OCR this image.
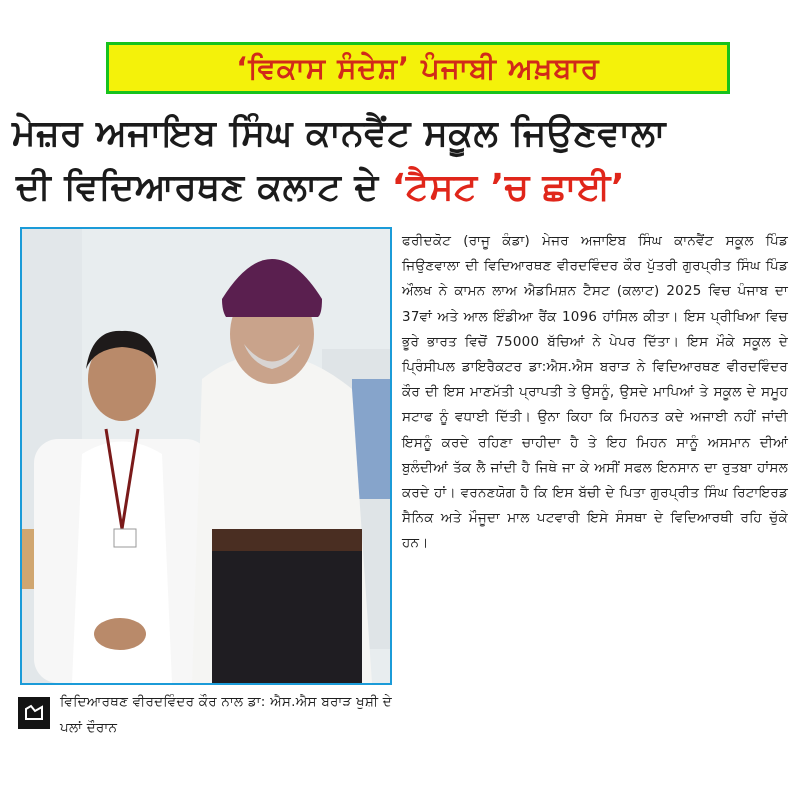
‘ਵਿਕਾਸ ਸੰਦੇਸ਼’ ਪੰਜਾਬੀ ਅਖ਼ਬਾਰ
ਮੇਜ਼ਰ ਅਜਾਇਬ ਸਿੰਘ ਕਾਨਵੈਂਟ ਸਕੂਲ ਜਿਉਣਵਾਲਾ
ਦੀ ਵਿਦਿਆਰਥਣ ਕਲਾਟ ਦੇ ‘ਟੈਸਟ ’ਚ ਛਾਈ’

ਫਰੀਦਕੋਟ (ਰਾਜੂ ਕੰਡਾ) ਮੇਜਰ ਅਜਾਇਬ ਸਿੰਘ ਕਾਨਵੈਂਟ ਸਕੂਲ ਪਿੰਡ ਜਿਉਣਵਾਲਾ ਦੀ ਵਿਦਿਆਰਥਣ ਵੀਰਦਵਿੰਦਰ ਕੌਰ ਪੁੱਤਰੀ ਗੁਰਪ੍ਰੀਤ ਸਿੰਘ ਪਿੰਡ ਔਲਖ ਨੇ ਕਾਮਨ ਲਾਅ ਐਡਮਿਸ਼ਨ ਟੈਸਟ (ਕਲਾਟ) 2025 ਵਿਚ ਪੰਜਾਬ ਦਾ 37ਵਾਂ ਅਤੇ ਆਲ ਇੰਡੀਆ ਰੈਂਕ 1096 ਹਾਂਸਿਲ ਕੀਤਾ। ਇਸ ਪ੍ਰੀਖਿਆ ਵਿਚ ਭੂਰੇ ਭਾਰਤ ਵਿਚੋਂ 75000 ਬੱਚਿਆਂ ਨੇ ਪੇਪਰ ਦਿੱਤਾ। ਇਸ ਮੌਕੇ ਸਕੂਲ ਦੇ ਪ੍ਰਿੰਸੀਪਲ ਡਾਇਰੈਕਟਰ ਡਾ:ਐਸ.ਐਸ ਬਰਾੜ ਨੇ ਵਿਦਿਆਰਥਣ ਵੀਰਦਵਿੰਦਰ ਕੌਰ ਦੀ ਇਸ ਮਾਣਮੱਤੀ ਪ੍ਰਾਪਤੀ ਤੇ ਉਸਨੂੰ, ਉਸਦੇ ਮਾਪਿਆਂ ਤੇ ਸਕੂਲ ਦੇ ਸਮੂਹ ਸਟਾਫ ਨੂੰ ਵਧਾਈ ਦਿੱਤੀ। ਉਨਾ ਕਿਹਾ ਕਿ ਮਿਹਨਤ ਕਦੇ ਅਜਾਈ ਨਹੀਂ ਜਾਂਦੀ ਇਸਨੂੰ ਕਰਦੇ ਰਹਿਣਾ ਚਾਹੀਦਾ ਹੈ ਤੇ ਇਹ ਮਿਹਨ ਸਾਨੂੰ ਅਸਮਾਨ ਦੀਆਂ ਬੁਲੰਦੀਆਂ ਤੱਕ ਲੈ ਜਾਂਦੀ ਹੈ ਜਿਥੇ ਜਾ ਕੇ ਅਸੀਂ ਸਫਲ ਇਨਸਾਨ ਦਾ ਰੁਤਬਾ ਹਾਂਸਲ ਕਰਦੇ ਹਾਂ। ਵਰਨਣਯੋਗ ਹੈ ਕਿ ਇਸ ਬੱਚੀ ਦੇ ਪਿਤਾ ਗੁਰਪ੍ਰੀਤ ਸਿੰਘ ਰਿਟਾਇਰਡ ਸੈਨਿਕ ਅਤੇ ਮੌਜੂਦਾ ਮਾਲ ਪਟਵਾਰੀ ਇਸੇ ਸੰਸਥਾ ਦੇ ਵਿਦਿਆਰਥੀ ਰਹਿ ਚੁੱਕੇ ਹਨ।

ਵਿਦਿਆਰਥਣ ਵੀਰਦਵਿੰਦਰ ਕੌਰ ਨਾਲ ਡਾ: ਐਸ.ਐਸ ਬਰਾੜ ਖੁਸ਼ੀ ਦੇ ਪਲਾਂ ਦੌਰਾਨ
